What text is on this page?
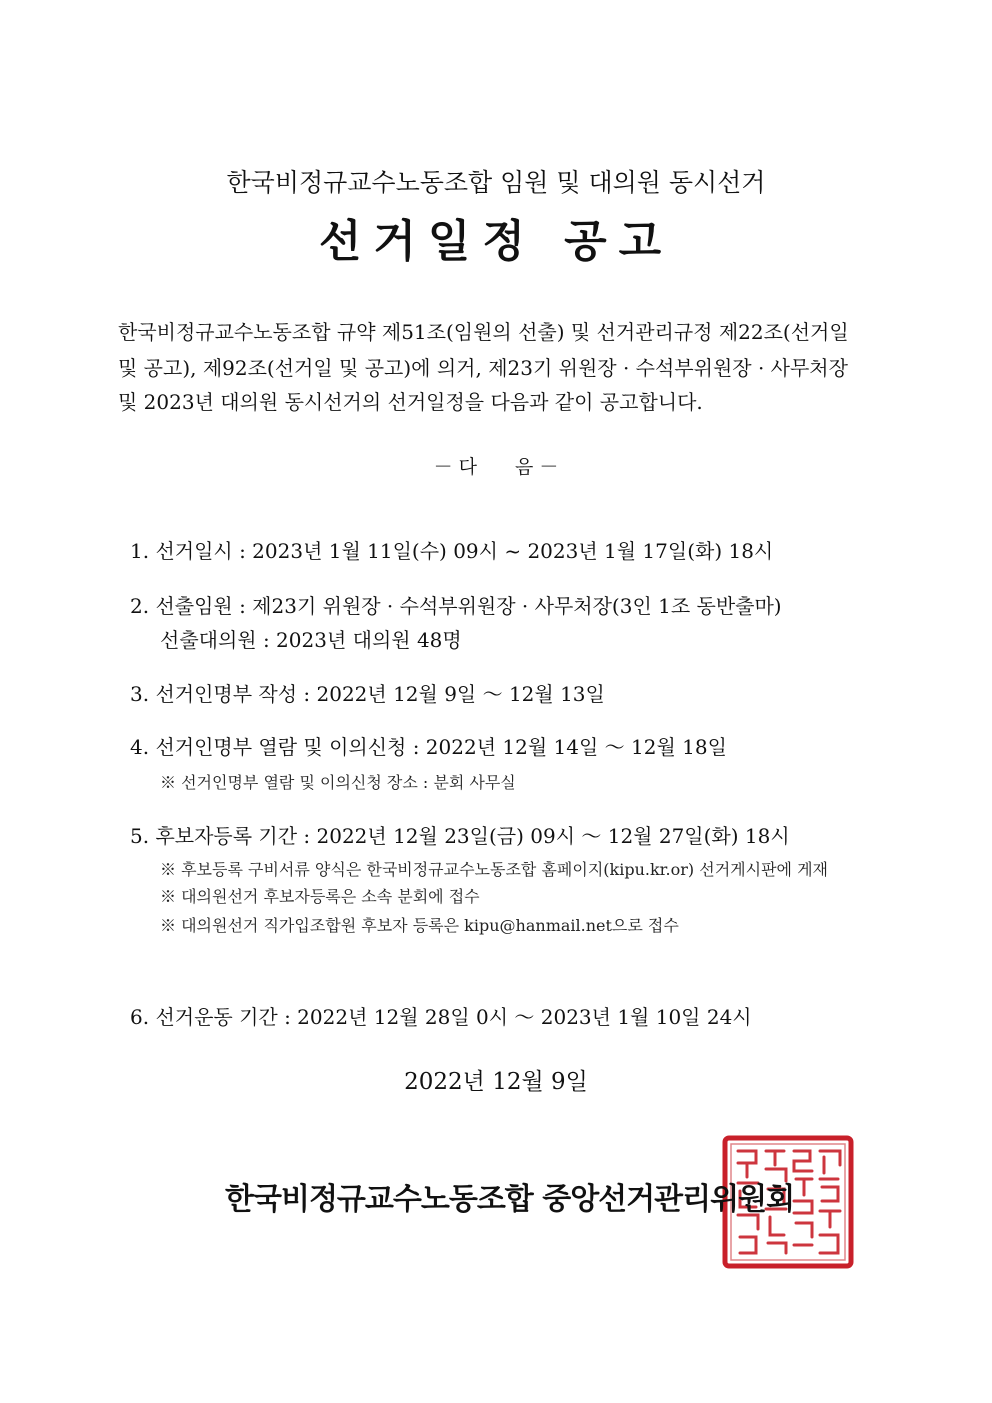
한국비정규교수노동조합 임원 및 대의원 동시선거
선거일정 공고
한국비정규교수노동조합 규약 제51조(임원의 선출) 및 선거관리규정 제22조(선거일
및 공고), 제92조(선거일 및 공고)에 의거, 제23기 위원장 · 수석부위원장 · 사무처장
및 2023년 대의원 동시선거의 선거일정을 다음과 같이 공고합니다.
－ 다　　음 －
1. 선거일시 : 2023년 1월 11일(수) 09시 ~ 2023년 1월 17일(화) 18시
2. 선출임원 : 제23기 위원장 · 수석부위원장 · 사무처장(3인 1조 동반출마)
선출대의원 : 2023년 대의원 48명
3. 선거인명부 작성 : 2022년 12월 9일 ～ 12월 13일
4. 선거인명부 열람 및 이의신청 : 2022년 12월 14일 ～ 12월 18일
※ 선거인명부 열람 및 이의신청 장소 : 분회 사무실
5. 후보자등록 기간 : 2022년 12월 23일(금) 09시 ～ 12월 27일(화) 18시
※ 후보등록 구비서류 양식은 한국비정규교수노동조합 홈페이지(kipu.kr.or) 선거게시판에 게재
※ 대의원선거 후보자등록은 소속 분회에 접수
※ 대의원선거 직가입조합원 후보자 등록은 kipu@hanmail.net으로 접수
6. 선거운동 기간 : 2022년 12월 28일 0시 ～ 2023년 1월 10일 24시
2022년 12월 9일
한국비정규교수노동조합 중앙선거관리위원회
